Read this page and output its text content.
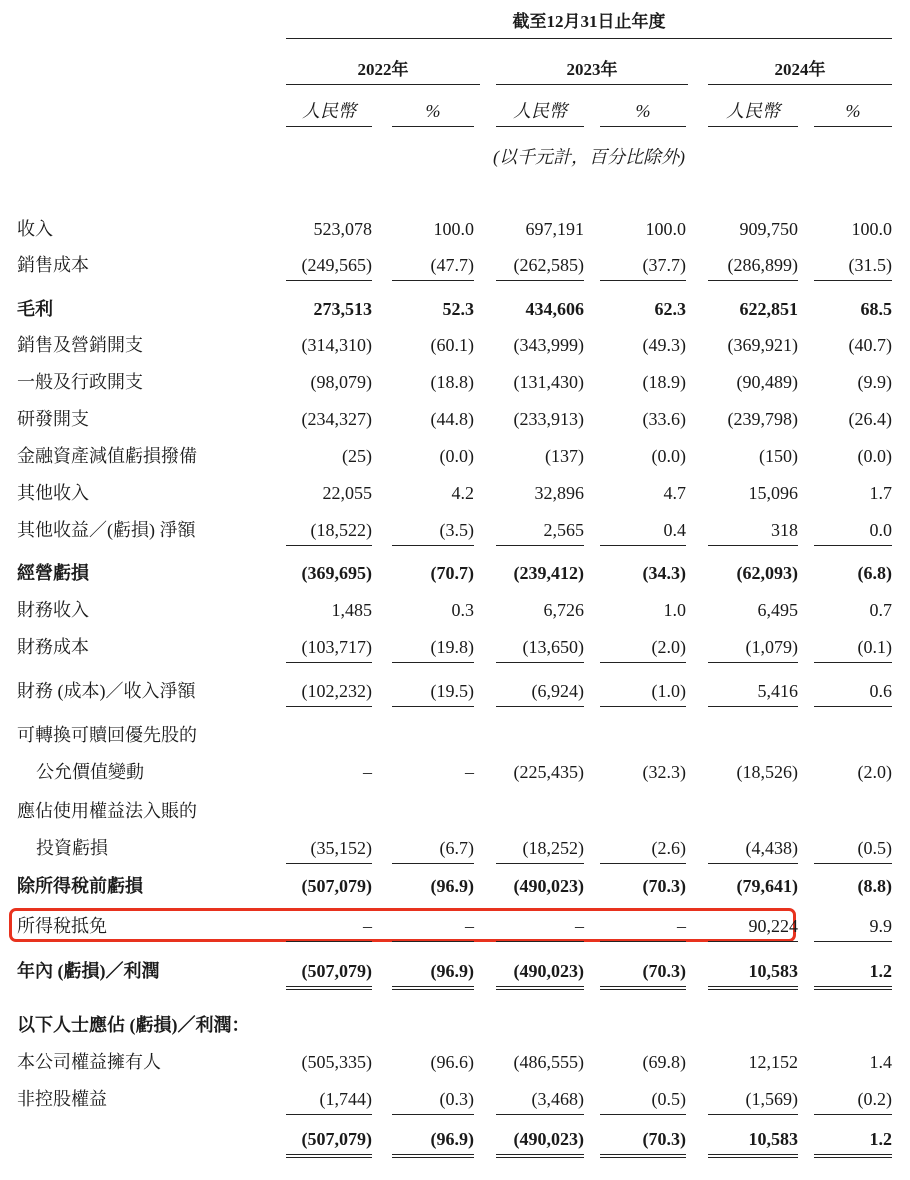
截至12月31日止年度
2022年	2023年	2024年
人民幣	%	人民幣	%	人民幣	%
(以千元計，百分比除外)
收入	523,078	100.0	697,191	100.0	909,750	100.0
銷售成本	(249,565)	(47.7)	(262,585)	(37.7)	(286,899)	(31.5)
毛利	273,513	52.3	434,606	62.3	622,851	68.5
銷售及營銷開支	(314,310)	(60.1)	(343,999)	(49.3)	(369,921)	(40.7)
一般及行政開支	(98,079)	(18.8)	(131,430)	(18.9)	(90,489)	(9.9)
研發開支	(234,327)	(44.8)	(233,913)	(33.6)	(239,798)	(26.4)
金融資產減值虧損撥備	(25)	(0.0)	(137)	(0.0)	(150)	(0.0)
其他收入	22,055	4.2	32,896	4.7	15,096	1.7
其他收益／(虧損) 淨額	(18,522)	(3.5)	2,565	0.4	318	0.0
經營虧損	(369,695)	(70.7)	(239,412)	(34.3)	(62,093)	(6.8)
財務收入	1,485	0.3	6,726	1.0	6,495	0.7
財務成本	(103,717)	(19.8)	(13,650)	(2.0)	(1,079)	(0.1)
財務 (成本)／收入淨額	(102,232)	(19.5)	(6,924)	(1.0)	5,416	0.6
可轉換可贖回優先股的
公允價值變動	–	–	(225,435)	(32.3)	(18,526)	(2.0)
應佔使用權益法入賬的
投資虧損	(35,152)	(6.7)	(18,252)	(2.6)	(4,438)	(0.5)
除所得稅前虧損	(507,079)	(96.9)	(490,023)	(70.3)	(79,641)	(8.8)
所得稅抵免	–	–	–	–	90,224	9.9
年內 (虧損)／利潤	(507,079)	(96.9)	(490,023)	(70.3)	10,583	1.2
以下人士應佔 (虧損)／利潤：
本公司權益擁有人	(505,335)	(96.6)	(486,555)	(69.8)	12,152	1.4
非控股權益	(1,744)	(0.3)	(3,468)	(0.5)	(1,569)	(0.2)
(507,079)	(96.9)	(490,023)	(70.3)	10,583	1.2
